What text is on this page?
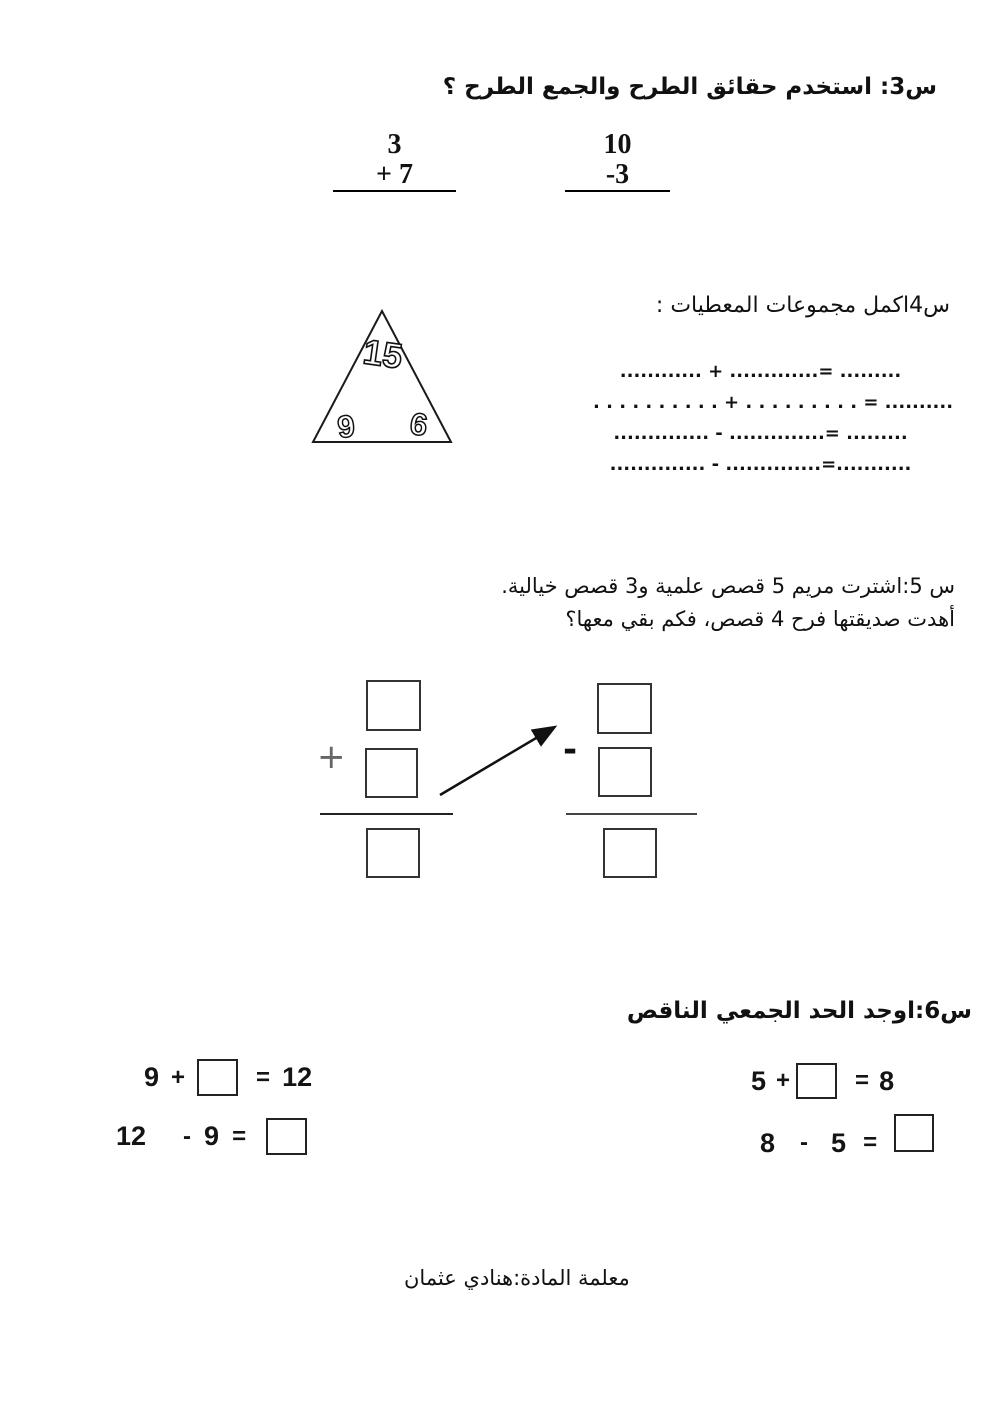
س3: استخدم حقائق الطرح والجمع الطرح ؟
3
+ 7
10
-3
س4اكمل مجموعات المعطيات :
15
9 6
............ + .............= .........
. . . . . . . . . . + . . . . . . . . . = ..........
.............. - ..............= .........
.............. - ..............=...........
س 5:اشترت مريم 5 قصص علمية و3 قصص خيالية.
أهدت صديقتها فرح 4 قصص، فكم بقي معها؟
+	-
س6:اوجد الحد الجمعي الناقص
9 +	= 12
12 - 9 =
5 +	= 8
8 - 5 =
معلمة المادة:هنادي عثمان
